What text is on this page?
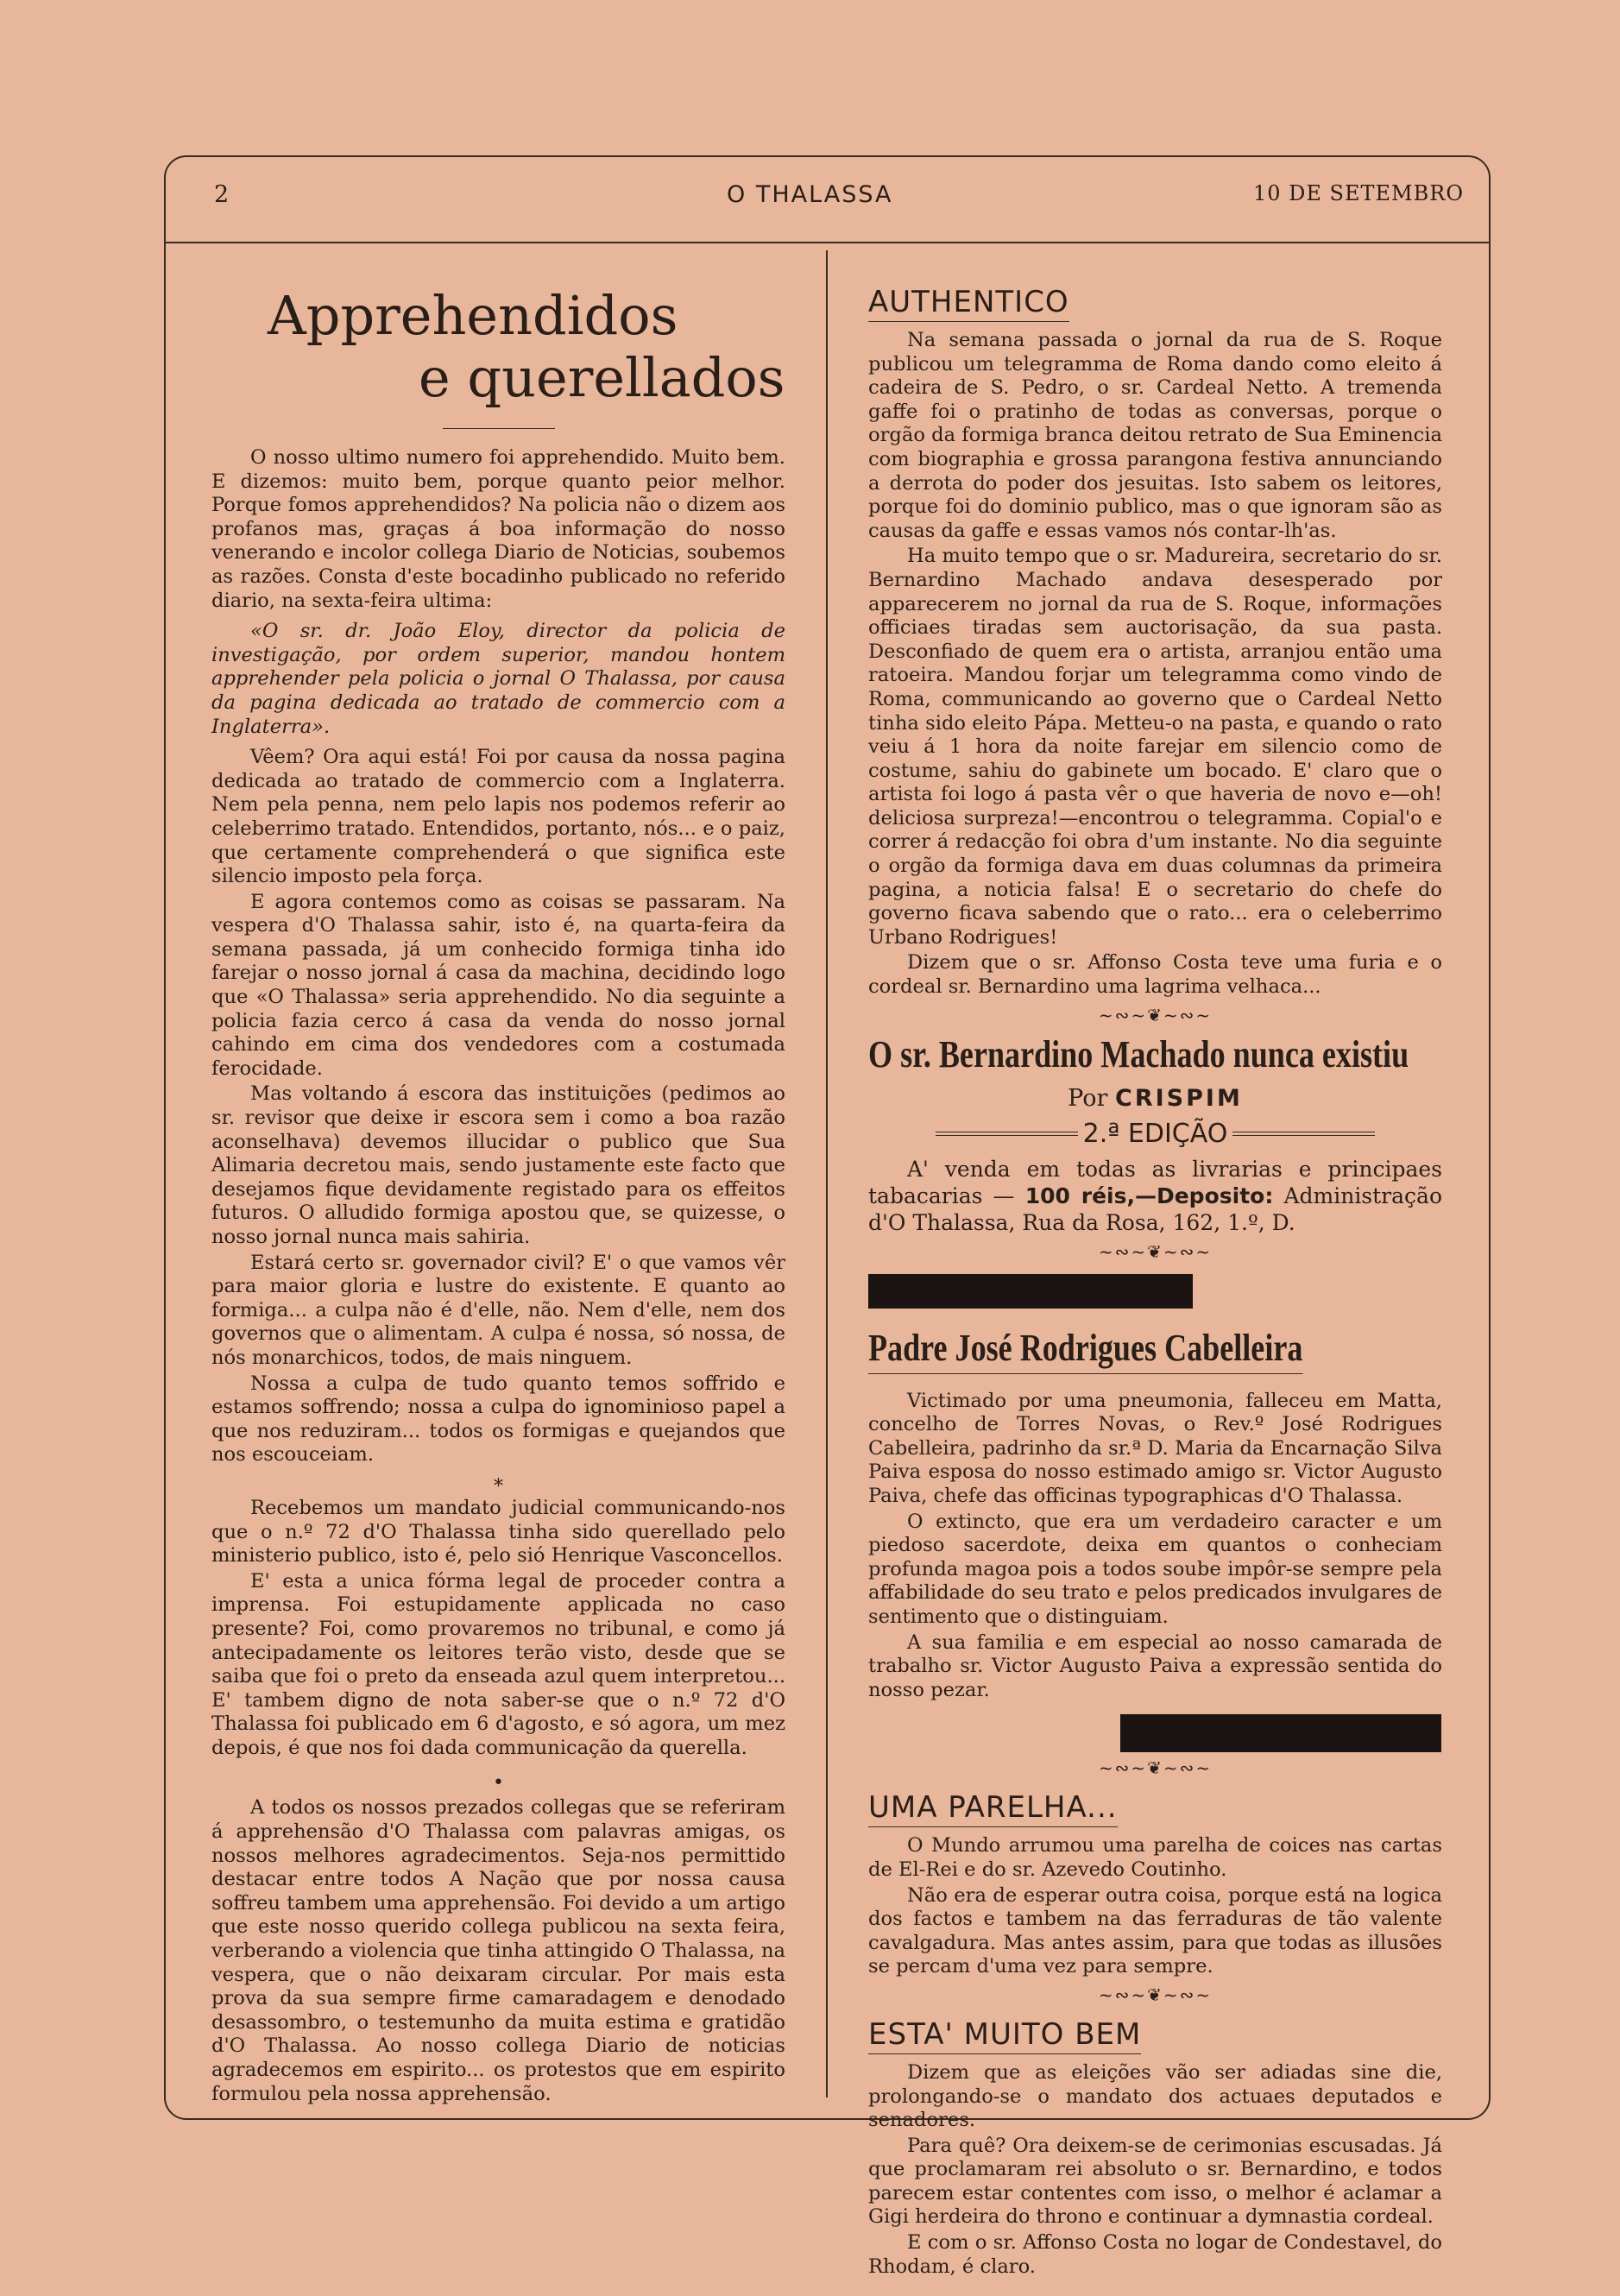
2	O THALASSA	10 DE SETEMBRO
Apprehendidos
e querellados

O nosso ultimo numero foi apprehendido. Muito bem. E dizemos: muito bem, porque quanto peior melhor. Porque fomos apprehendidos? Na policia não o dizem aos profanos mas, graças á boa informação do nosso venerando e incolor collega Diario de Noticias, soubemos as razões. Consta d'este bocadinho publicado no referido diario, na sexta-feira ultima:

«O sr. dr. João Eloy, director da policia de investigação, por ordem superior, mandou hontem apprehender pela policia o jornal O Thalassa, por causa da pagina dedicada ao tratado de commercio com a Inglaterra».

Vêem? Ora aqui está! Foi por causa da nossa pagina dedicada ao tratado de commercio com a Inglaterra. Nem pela penna, nem pelo lapis nos podemos referir ao celeberrimo tratado. Entendidos, portanto, nós... e o paiz, que certamente comprehenderá o que significa este silencio imposto pela força.

E agora contemos como as coisas se passaram. Na vespera d'O Thalassa sahir, isto é, na quarta-feira da semana passada, já um conhecido formiga tinha ido farejar o nosso jornal á casa da machina, decidindo logo que «O Thalassa» seria apprehendido. No dia seguinte a policia fazia cerco á casa da venda do nosso jornal cahindo em cima dos vendedores com a costumada ferocidade.

Mas voltando á escora das instituições (pedimos ao sr. revisor que deixe ir escora sem i como a boa razão aconselhava) devemos illucidar o publico que Sua Alimaria decretou mais, sendo justamente este facto que desejamos fique devidamente registado para os effeitos futuros. O alludido formiga apostou que, se quizesse, o nosso jornal nunca mais sahiria.

Estará certo sr. governador civil? E' o que vamos vêr para maior gloria e lustre do existente. E quanto ao formiga... a culpa não é d'elle, não. Nem d'elle, nem dos governos que o alimentam. A culpa é nossa, só nossa, de nós monarchicos, todos, de mais ninguem.

Nossa a culpa de tudo quanto temos soffrido e estamos soffrendo; nossa a culpa do ignominioso papel a que nos reduziram... todos os formigas e quejandos que nos escouceiam.

*

Recebemos um mandato judicial communicando-nos que o n.º 72 d'O Thalassa tinha sido querellado pelo ministerio publico, isto é, pelo sió Henrique Vasconcellos.

E' esta a unica fórma legal de proceder contra a imprensa. Foi estupidamente applicada no caso presente? Foi, como provaremos no tribunal, e como já antecipadamente os leitores terão visto, desde que se saiba que foi o preto da enseada azul quem interpretou... E' tambem digno de nota saber-se que o n.º 72 d'O Thalassa foi publicado em 6 d'agosto, e só agora, um mez depois, é que nos foi dada communicação da querella.

•

A todos os nossos prezados collegas que se referiram á apprehensão d'O Thalassa com palavras amigas, os nossos melhores agradecimentos. Seja-nos permittido destacar entre todos A Nação que por nossa causa soffreu tambem uma apprehensão. Foi devido a um artigo que este nosso querido collega publicou na sexta feira, verberando a violencia que tinha attingido O Thalassa, na vespera, que o não deixaram circular. Por mais esta prova da sua sempre firme camaradagem e denodado desassombro, o testemunho da muita estima e gratidão d'O Thalassa. Ao nosso collega Diario de noticias agradecemos em espirito... os protestos que em espirito formulou pela nossa apprehensão.

AUTHENTICO

Na semana passada o jornal da rua de S. Roque publicou um telegramma de Roma dando como eleito á cadeira de S. Pedro, o sr. Cardeal Netto. A tremenda gaffe foi o pratinho de todas as conversas, porque o orgão da formiga branca deitou retrato de Sua Eminencia com biographia e grossa parangona festiva annunciando a derrota do poder dos jesuitas. Isto sabem os leitores, porque foi do dominio publico, mas o que ignoram são as causas da gaffe e essas vamos nós contar-lh'as.

Ha muito tempo que o sr. Madureira, secretario do sr. Bernardino Machado andava desesperado por apparecerem no jornal da rua de S. Roque, informações officiaes tiradas sem auctorisação, da sua pasta. Desconfiado de quem era o artista, arranjou então uma ratoeira. Mandou forjar um telegramma como vindo de Roma, communicando ao governo que o Cardeal Netto tinha sido eleito Pápa. Metteu-o na pasta, e quando o rato veiu á 1 hora da noite farejar em silencio como de costume, sahiu do gabinete um bocado. E' claro que o artista foi logo á pasta vêr o que haveria de novo e—oh! deliciosa surpreza!—encontrou o telegramma. Copial'o e correr á redacção foi obra d'um instante. No dia seguinte o orgão da formiga dava em duas columnas da primeira pagina, a noticia falsa! E o secretario do chefe do governo ficava sabendo que o rato... era o celeberrimo Urbano Rodrigues!

Dizem que o sr. Affonso Costa teve uma furia e o cordeal sr. Bernardino uma lagrima velhaca...

~∾~❦~∾~
O sr. Bernardino Machado nunca existiu
Por CRISPIM
2.ª EDIÇÃO

A' venda em todas as livrarias e principaes tabacarias — 100 réis,—Deposito: Administração d'O Thalassa, Rua da Rosa, 162, 1.º, D.

~∾~❦~∾~
Padre José Rodrigues Cabelleira

Victimado por uma pneumonia, falleceu em Matta, concelho de Torres Novas, o Rev.º José Rodrigues Cabelleira, padrinho da sr.ª D. Maria da Encarnação Silva Paiva esposa do nosso estimado amigo sr. Victor Augusto Paiva, chefe das officinas typographicas d'O Thalassa.

O extincto, que era um verdadeiro caracter e um piedoso sacerdote, deixa em quantos o conheciam profunda magoa pois a todos soube impôr-se sempre pela affabilidade do seu trato e pelos predicados invulgares de sentimento que o distinguiam.

A sua familia e em especial ao nosso camarada de trabalho sr. Victor Augusto Paiva a expressão sentida do nosso pezar.

~∾~❦~∾~
UMA PARELHA...

O Mundo arrumou uma parelha de coices nas cartas de El-Rei e do sr. Azevedo Coutinho.

Não era de esperar outra coisa, porque está na logica dos factos e tambem na das ferraduras de tão valente cavalgadura. Mas antes assim, para que todas as illusões se percam d'uma vez para sempre.

~∾~❦~∾~
ESTA' MUITO BEM

Dizem que as eleições vão ser adiadas sine die, prolongando-se o mandato dos actuaes deputados e senadores.

Para quê? Ora deixem-se de cerimonias escusadas. Já que proclamaram rei absoluto o sr. Bernardino, e todos parecem estar contentes com isso, o melhor é aclamar a Gigi herdeira do throno e continuar a dymnastia cordeal.

E com o sr. Affonso Costa no logar de Condestavel, do Rhodam, é claro.
